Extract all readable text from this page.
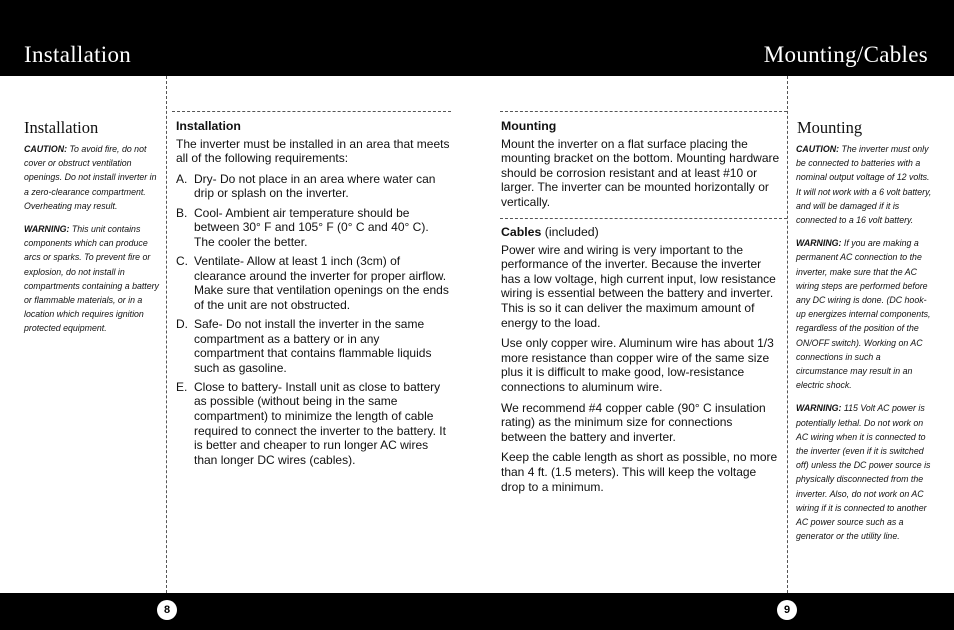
Installation	Mounting/Cables
Installation

CAUTION: To avoid fire, do not cover or obstruct ventilation openings. Do not install inverter in a zero-clearance compartment. Overheating may result.

WARNING: This unit contains components which can produce arcs or sparks. To prevent fire or explosion, do not install in compartments containing a battery or flammable materials, or in a location which requires ignition protected equipment.

Installation

The inverter must be installed in an area that meets all of the following requirements:

A. Dry- Do not place in an area where water can drip or splash on the inverter.
B. Cool- Ambient air temperature should be between 30° F and 105° F (0° C and 40° C). The cooler the better.
C. Ventilate- Allow at least 1 inch (3cm) of clearance around the inverter for proper airflow. Make sure that ventilation openings on the ends of the unit are not obstructed.
D. Safe- Do not install the inverter in the same compartment as a battery or in any compartment that contains flammable liquids such as gasoline.
E. Close to battery- Install unit as close to battery as possible (without being in the same compartment) to minimize the length of cable required to connect the inverter to the battery. It is better and cheaper to run longer AC wires than longer DC wires (cables).
Mounting

Mount the inverter on a flat surface placing the mounting bracket on the bottom. Mounting hardware should be corrosion resistant and at least #10 or larger. The inverter can be mounted horizontally or vertically.

Cables (included)

Power wire and wiring is very important to the performance of the inverter. Because the inverter has a low voltage, high current input, low resistance wiring is essential between the battery and inverter. This is so it can deliver the maximum amount of energy to the load.

Use only copper wire. Aluminum wire has about 1/3 more resistance than copper wire of the same size plus it is difficult to make good, low-resistance connections to aluminum wire.

We recommend #4 copper cable (90° C insulation rating) as the minimum size for connections between the battery and inverter.

Keep the cable length as short as possible, no more than 4 ft. (1.5 meters). This will keep the voltage drop to a minimum.

Mounting

CAUTION: The inverter must only be connected to batteries with a nominal output voltage of 12 volts. It will not work with a 6 volt battery, and will be damaged if it is connected to a 16 volt battery.

WARNING: If you are making a permanent AC connection to the inverter, make sure that the AC wiring steps are performed before any DC wiring is done. (DC hook-up energizes internal components, regardless of the position of the ON/OFF switch). Working on AC connections in such a circumstance may result in an electric shock.

WARNING: 115 Volt AC power is potentially lethal. Do not work on AC wiring when it is connected to the inverter (even if it is switched off) unless the DC power source is physically disconnected from the inverter. Also, do not work on AC wiring if it is connected to another AC power source such as a generator or the utility line.

8	9
